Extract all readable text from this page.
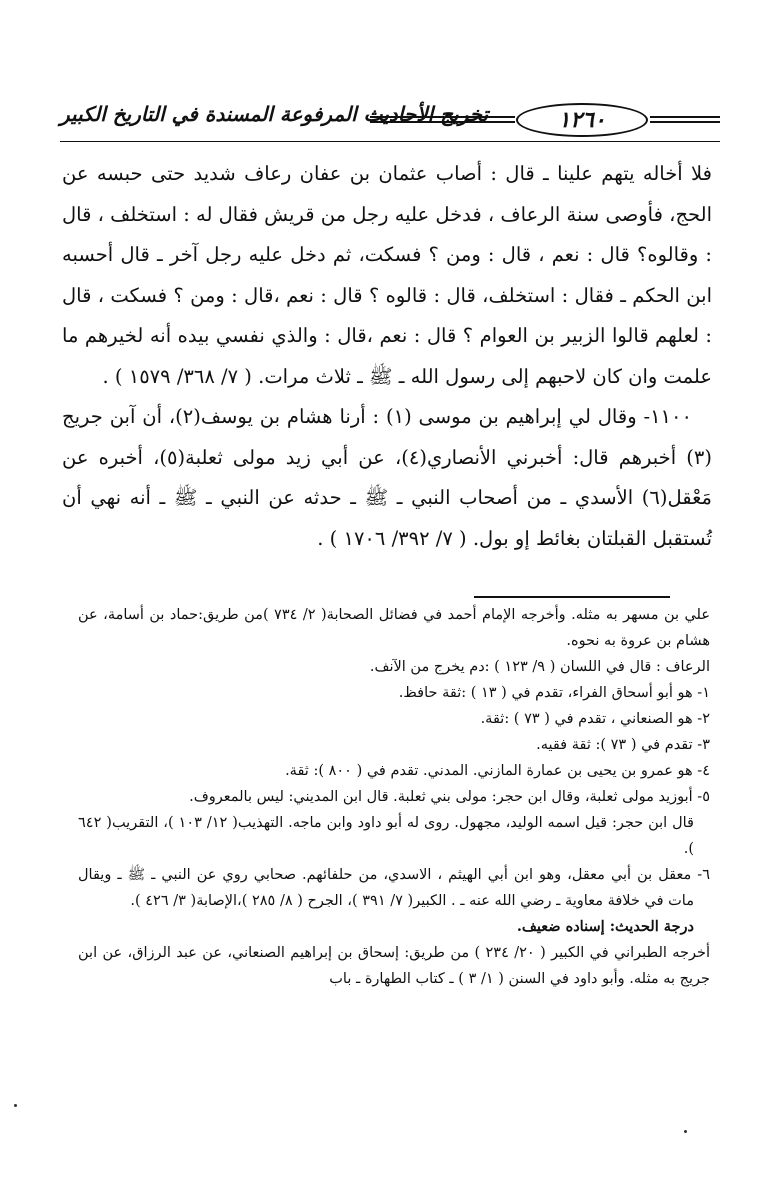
١٢٦٠
تخريج الأحاديث المرفوعة المسندة في التاريخ الكبير

فلا أخاله يتهم علينا ـ قال : أصاب عثمان بن عفان رعاف شديد حتى حبسه عن الحج، فأوصى سنة الرعاف ، فدخل عليه رجل من قريش فقال له : استخلف ، قال : وقالوه؟ قال : نعم ، قال : ومن ؟ فسكت، ثم دخل عليه رجل آخر ـ قال أحسبه ابن الحكم ـ فقال : استخلف، قال : قالوه ؟ قال : نعم ،قال : ومن ؟ فسكت ، قال : لعلهم قالوا الزبير بن العوام ؟ قال : نعم ،قال : والذي نفسي بيده أنه لخيرهم ما علمت وان كان لاحبهم إلى رسول الله ـ ﷺ ـ ثلاث مرات. ( ٧/ ٣٦٨/ ١٥٧٩ ) .

١١٠٠- وقال لي إبراهيم بن موسى (١) : أرنا هشام بن يوسف(٢)، أن آبن جريج (٣) أخبرهم قال: أخبرني الأنصاري(٤)، عن أبي زيد مولى ثعلبة(٥)، أخبره عن مَعْقل(٦) الأسدي ـ من أصحاب النبي ـ ﷺ ـ حدثه عن النبي ـ ﷺ ـ أنه نهي أن تُستقبل القبلتان بغائط إو بول. ( ٧/ ٣٩٢/ ١٧٠٦ ) .

علي بن مسهر به مثله. وأخرجه الإمام أحمد في فضائل الصحابة( ٢/ ٧٣٤ )من طريق:حماد بن أسامة، عن هشام بن عروة به نحوه.

الرعاف : قال في اللسان ( ٩/ ١٢٣ ) :دم يخرج من الآنف.

١- هو أبو أسحاق الفراء، تقدم في ( ١٣ ) :ثقة حافظ.

٢- هو الصنعاني ، تقدم في ( ٧٣ ) :ثقة.

٣- تقدم في ( ٧٣ ): ثقة فقيه.

٤- هو عمرو بن يحيى بن عمارة المازني. المدني. تقدم في ( ٨٠٠ ): ثقة.

٥- أبوزيد مولى ثعلبة، وقال ابن حجر: مولى بني ثعلبة. قال ابن المديني: ليس بالمعروف.

قال ابن حجر: قيل اسمه الوليد، مجهول. روى له أبو داود وابن ماجه. التهذيب( ١٢/ ١٠٣ )، التقريب( ٦٤٢ ).

٦- معقل بن أبي معقل، وهو ابن أبي الهيثم ، الاسدي، من حلفائهم. صحابي روي عن النبي ـ ﷺ ـ ويقال مات في خلافة معاوية ـ رضي الله عنه ـ . الكبير( ٧/ ٣٩١ )، الجرح ( ٨/ ٢٨٥ )،الإصابة( ٣/ ٤٢٦ ).

درجة الحديث: إسناده ضعيف.

أخرجه الطبراني في الكبير ( ٢٠/ ٢٣٤ ) من طريق: إسحاق بن إبراهيم الصنعاني، عن عبد الرزاق، عن ابن جريج به مثله. وأبو داود في السنن ( ١/ ٣ ) ـ كتاب الطهارة ـ باب
